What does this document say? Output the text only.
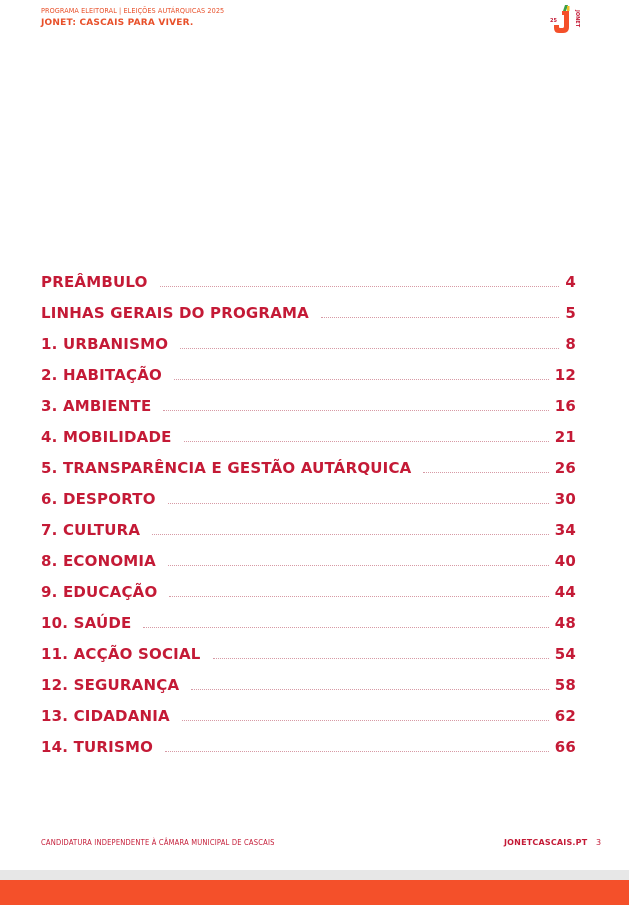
PROGRAMA ELEITORAL | ELEIÇÕES AUTÁRQUICAS 2025
JONET: CASCAIS PARA VIVER.	25	JONET
PREÂMBULO	4
LINHAS GERAIS DO PROGRAMA	5
1. URBANISMO	8
2. HABITAÇÃO	12
3. AMBIENTE	16
4. MOBILIDADE	21
5. TRANSPARÊNCIA E GESTÃO AUTÁRQUICA	26
6. DESPORTO	30
7. CULTURA	34
8. ECONOMIA	40
9. EDUCAÇÃO	44
10. SAÚDE	48
11. ACÇÃO SOCIAL	54
12. SEGURANÇA	58
13. CIDADANIA	62
14. TURISMO	66
CANDIDATURA INDEPENDENTE À CÂMARA MUNICIPAL DE CASCAIS	JONETCASCAIS.PT 3
